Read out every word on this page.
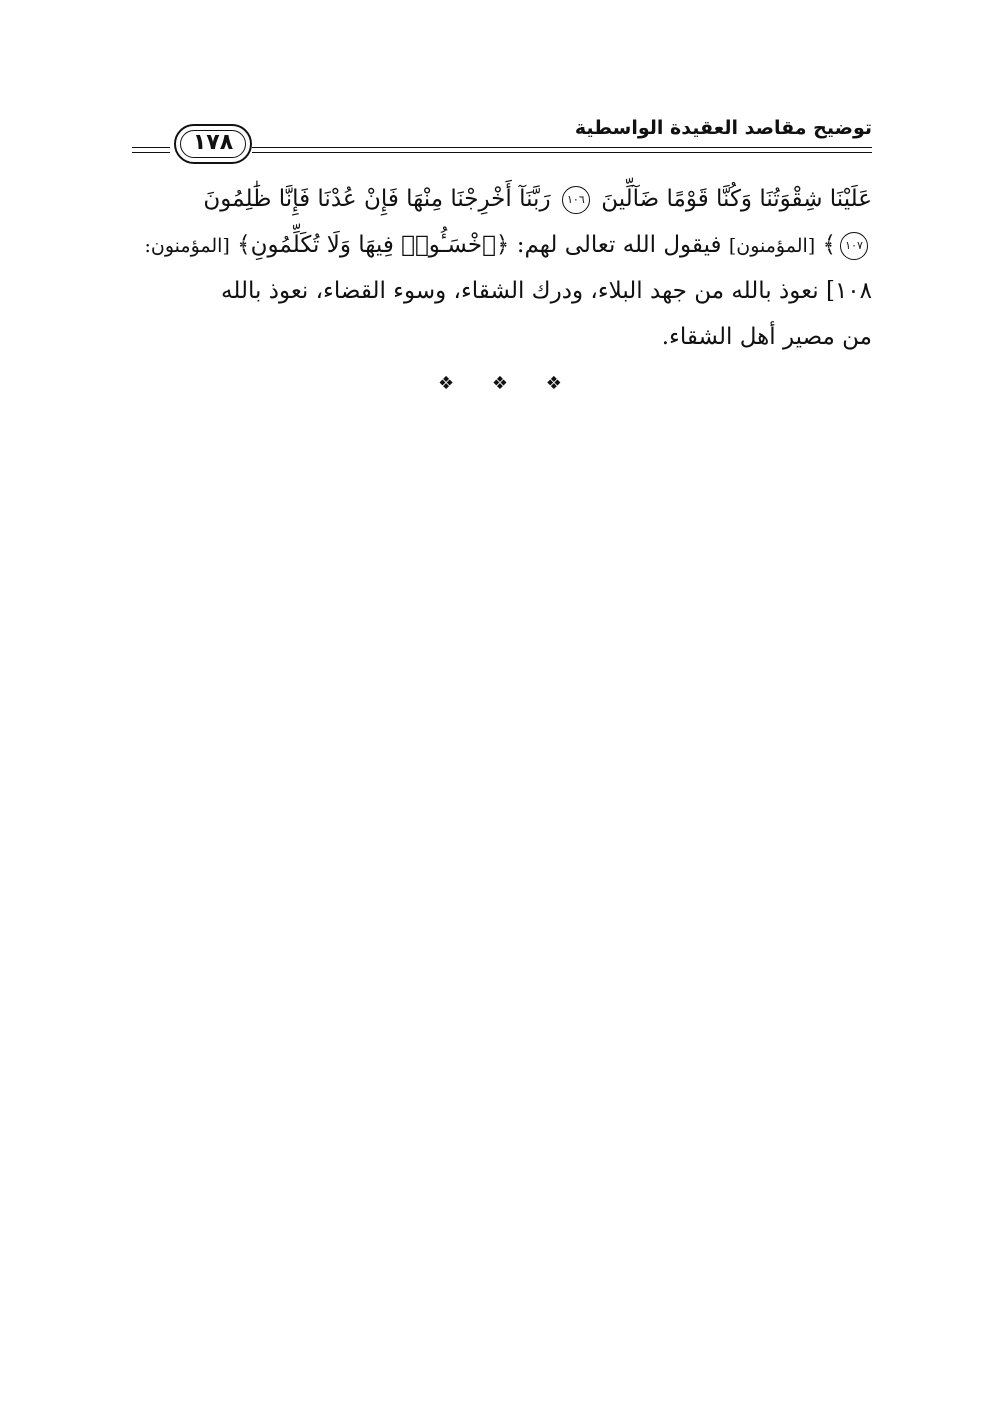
توضيح مقاصد العقيدة الواسطية
١٧٨
عَلَيْنَا شِقْوَتُنَا وَكُنَّا قَوْمًا ضَآلِّينَ ١٠٦ رَبَّنَآ أَخْرِجْنَا مِنْهَا فَإِنْ عُدْنَا فَإِنَّا ظَٰلِمُونَ
١٠٧﴾ [المؤمنون] فيقول الله تعالى لهم: ﴿ٱخْسَـُٔوا۟ فِيهَا وَلَا تُكَلِّمُونِ﴾ [المؤمنون:
١٠٨] نعوذ بالله من جهد البلاء، ودرك الشقاء، وسوء القضاء، نعوذ بالله
من مصير أهل الشقاء.
❖ ❖ ❖
